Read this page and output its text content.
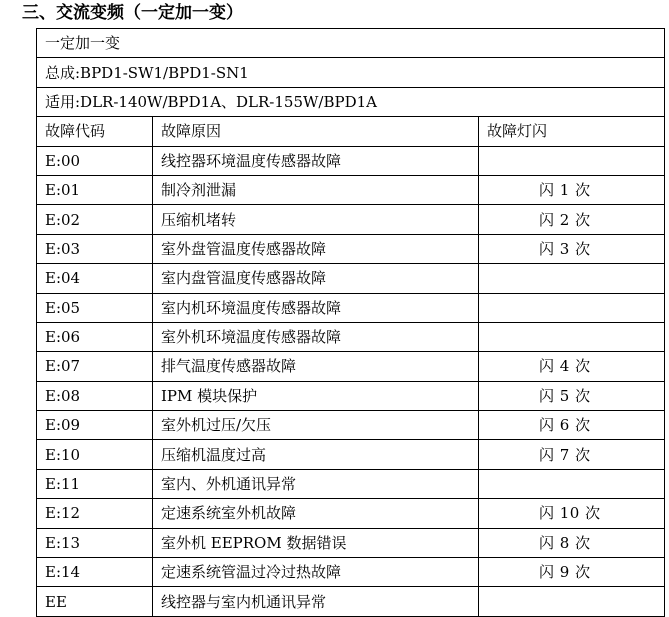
三、交流变频（一定加一变）
一定加一变		
总成:BPD1-SW1/BPD1-SN1		
适用:DLR-140W/BPD1A、DLR-155W/BPD1A		
故障代码	故障原因	故障灯闪
E:00	线控器环境温度传感器故障	
E:01	制冷剂泄漏	闪 1 次
E:02	压缩机堵转	闪 2 次
E:03	室外盘管温度传感器故障	闪 3 次
E:04	室内盘管温度传感器故障	
E:05	室内机环境温度传感器故障	
E:06	室外机环境温度传感器故障	
E:07	排气温度传感器故障	闪 4 次
E:08	IPM 模块保护	闪 5 次
E:09	室外机过压/欠压	闪 6 次
E:10	压缩机温度过高	闪 7 次
E:11	室内、外机通讯异常	
E:12	定速系统室外机故障	闪 10 次
E:13	室外机 EEPROM 数据错误	闪 8 次
E:14	定速系统管温过冷过热故障	闪 9 次
EE	线控器与室内机通讯异常	
